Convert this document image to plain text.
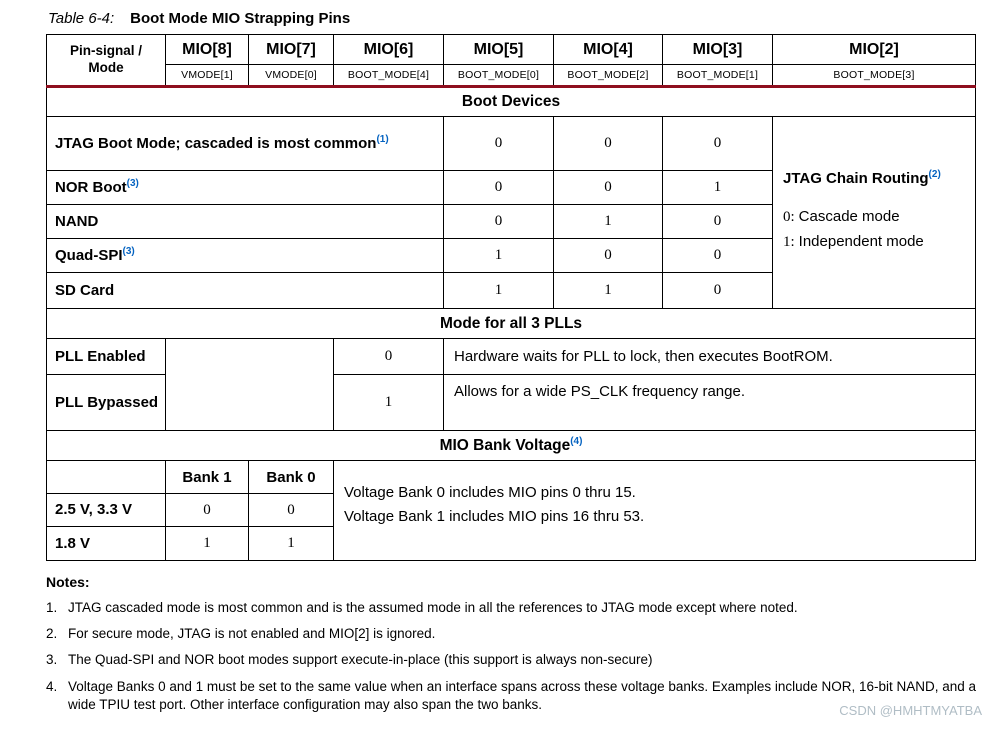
Table 6-4: Boot Mode MIO Strapping Pins
Pin-signal / Mode	MIO[8]	MIO[7]	MIO[6]	MIO[5]	MIO[4]	MIO[3]	MIO[2]
	VMODE[1]	VMODE[0]	BOOT_MODE[4]	BOOT_MODE[0]	BOOT_MODE[2]	BOOT_MODE[1]	BOOT_MODE[3]
Boot Devices							
JTAG Boot Mode; cascaded is most common$^{(1)}$				0	0	0	JTAG Chain Routing$^{(2)}$
0: Cascade mode
1: Independent mode

NOR Boot$^{(3)}$				0	0	1	
NAND				0	1	0	
Quad-SPI$^{(3)}$				1	0	0	
SD Card				1	1	0	
Mode for all 3 PLLs							
PLL Enabled			0	Hardware waits for PLL to lock, then executes BootROM.			
PLL Bypassed			1	Allows for a wide PS_CLK frequency range.			
MIO Bank Voltage$^{(4)}$
	Bank 1	Bank 0	Voltage Bank 0 includes MIO pins 0 thru 15.
Voltage Bank 1 includes MIO pins 16 thru 53.				

2.5 V, 3.3 V	0	0					
1.8 V	1	1					
Notes:
1. JTAG cascaded mode is most common and is the assumed mode in all the references to JTAG mode except where noted.
2. For secure mode, JTAG is not enabled and MIO[2] is ignored.
3. The Quad-SPI and NOR boot modes support execute-in-place (this support is always non-secure)
4. Voltage Banks 0 and 1 must be set to the same value when an interface spans across these voltage banks. Examples include NOR, 16-bit NAND, and a wide TPIU test port. Other interface configuration may also span the two banks.	CSDN @HMHTMYATBA
